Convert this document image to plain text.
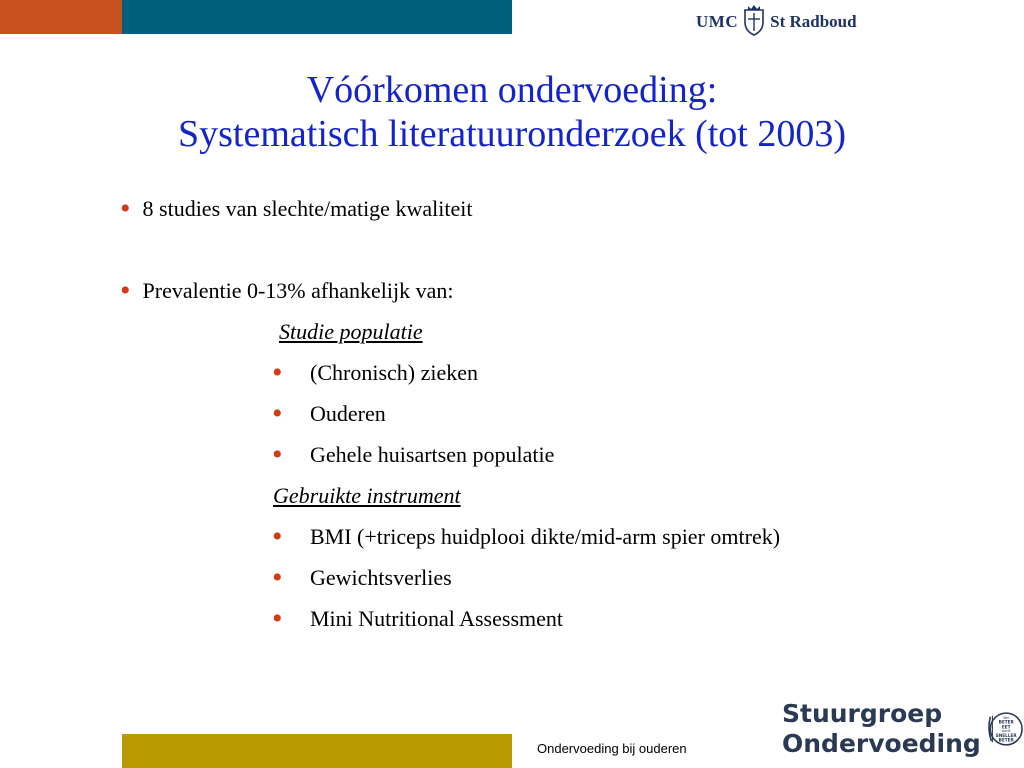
UMC St Radboud
Vóórkomen ondervoeding:
Systematisch literatuuronderzoek (tot 2003)
• 8 studies van slechte/matige kwaliteit
• Prevalentie 0-13% afhankelijk van:
Studie populatie
•	(Chronisch) zieken
•	Ouderen
•	Gehele huisartsen populatie
Gebruikte instrument
•	BMI (+triceps huidplooi dikte/mid-arm spier omtrek)
•	Gewichtsverlies
•	Mini Nutritional Assessment
Ondervoeding bij ouderen
Stuurgroep
Ondervoeding
Wie
BETER
EET
wordt
SNELLER
BETER
